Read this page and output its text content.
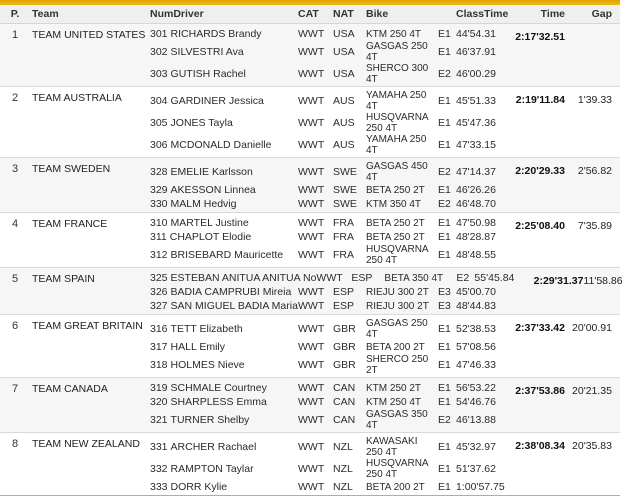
P.	Team	NumDriver	CAT	NAT	Bike	ClassTime	Time	Gap
1	TEAM UNITED STATES 301 RICHARDS Brandy	WWT USA	KTM 250 4T	E1 44'54.31
302 SILVESTRI Ava	WWT USA	GASGAS 250 4T	E1 46'37.91
303 GUTISH Rachel	WWT USA	SHERCO 300 4T	E2 46'00.29
2:17'32.51
2	TEAM AUSTRALIA	304 GARDINER Jessica	WWT AUS	YAMAHA 250 4T	E1 45'51.33
305 JONES Tayla	WWT AUS	HUSQVARNA 250 4T	E1 45'47.36
306 MCDONALD Danielle	WWT AUS	YAMAHA 250 4T	E1 47'33.15
2:19'11.84	1'39.33
3	TEAM SWEDEN	328 EMELIE Karlsson	WWT SWE GASGAS 450 4T	E2 47'14.37
329 AKESSON Linnea	WWT SWE BETA 250 2T	E1 46'26.26
330 MALM Hedvig	WWT SWE KTM 350 4T	E2 46'48.70
2:20'29.33	2'56.82
4	TEAM FRANCE	310 MARTEL Justine	WWT FRA	BETA 250 2T	E1 47'50.98
311 CHAPLOT Elodie	WWT FRA	BETA 250 2T	E1 48'28.87
312 BRISEBARD Mauricette	WWT FRA	HUSQVARNA 250 4T	E1 48'48.55
2:25'08.40	7'35.89
5	TEAM SPAIN	325 ESTEBAN ANITUA ANITUA No WWT ESP	BETA 350 4T	E2 55'45.84
326 BADIA CAMPRUBI Mireia WWT ESP	RIEJU 300 2T E3 45'00.70
327 SAN MIGUEL BADIA Maria WWT ESP	RIEJU 300 2T E3 48'44.83
2:29'31.37 11'58.86
6	TEAM GREAT BRITAIN 316 TETT Elizabeth	WWT GBR	GASGAS 250 4T	E1 52'38.53
317 HALL Emily	WWT GBR	BETA 200 2T	E1 57'08.56
318 HOLMES Nieve	WWT GBR	SHERCO 250 2T	E1 47'46.33
2:37'33.42 20'00.91
7	TEAM CANADA	319 SCHMALE Courtney	WWT CAN	KTM 250 2T	E1 56'53.22
320 SHARPLESS Emma	WWT CAN	KTM 250 4T	E1 54'46.76
321 TURNER Shelby	WWT CAN	GASGAS 350 4T	E2 46'13.88
2:37'53.86 20'21.35
8	TEAM NEW ZEALAND 331 ARCHER Rachael	WWT NZL	KAWASAKI 250 4T	E1 45'32.97
332 RAMPTON Taylar	WWT NZL	HUSQVARNA 250 4T	E1 51'37.62
333 DORR Kylie	WWT NZL	BETA 200 2T	E1 1:00'57.75
2:38'08.34 20'35.83
